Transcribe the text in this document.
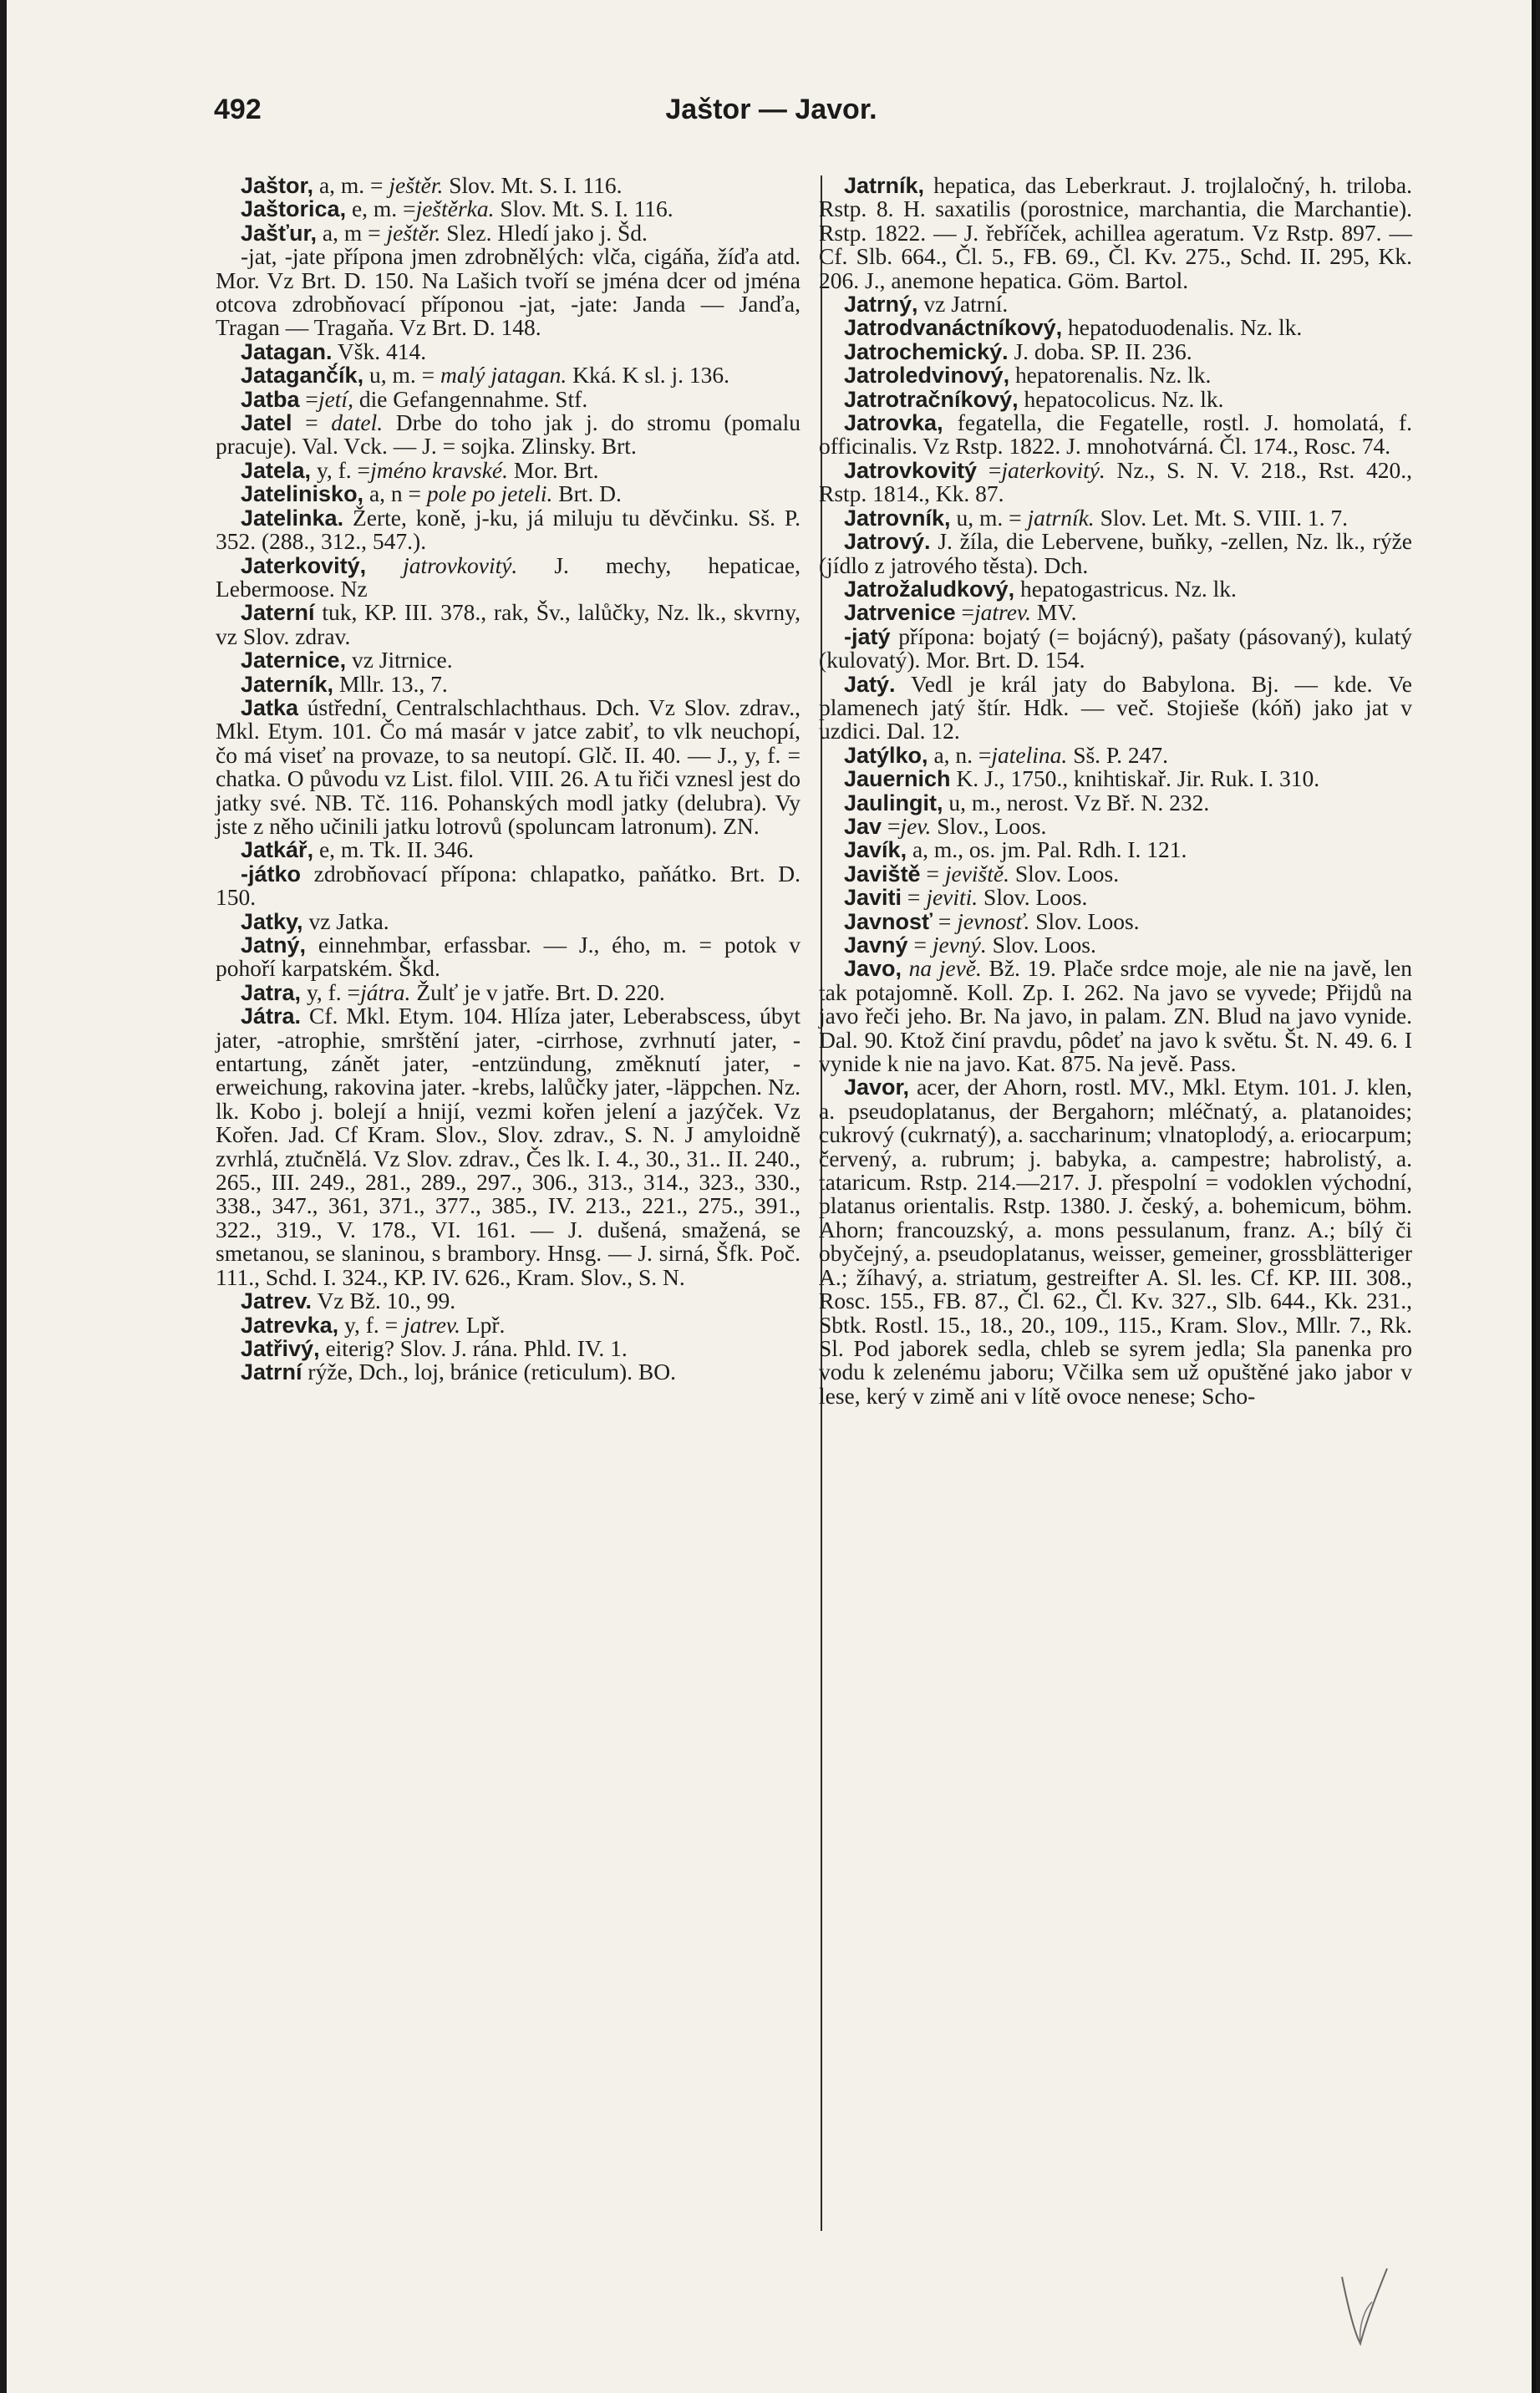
Jaštor — Javor.
492

Jaštor, a, m. = ještěr. Slov. Mt. S. I. 116.

Jaštorica, e, m. =ještěrka. Slov. Mt. S. I. 116.

Jašťur, a, m = ještěr. Slez. Hledí jako j. Šd.

-jat, -jate přípona jmen zdrobnělých: vlča, cigáňa, žíďa atd. Mor. Vz Brt. D. 150. Na Lašich tvoří se jména dcer od jména otcova zdrobňovací příponou -jat, -jate: Janda — Janďa, Tragan — Tragaňa. Vz Brt. D. 148.

Jatagan. Všk. 414.

Jataganč́ík, u, m. = malý jatagan. Kká. K sl. j. 136.

Jatba =jetí, die Gefangennahme. Stf.

Jatel = datel. Drbe do toho jak j. do stromu (pomalu pracuje). Val. Vck. — J. = sojka. Zlinsky. Brt.

Jatela, y, f. =jméno kravské. Mor. Brt.

Jatelinisko, a, n = pole po jeteli. Brt. D.

Jatelinka. Žerte, koně, j-ku, já miluju tu děvčinku. Sš. P. 352. (288., 312., 547.).

Jaterkovitý, jatrovkovitý. J. mechy, hepaticae, Lebermoose. Nz

Jaterní tuk, KP. III. 378., rak, Šv., lalůčky, Nz. lk., skvrny, vz Slov. zdrav.

Jaternice, vz Jitrnice.

Jaterník, Mllr. 13., 7.

Jatka ústřední, Centralschlachthaus. Dch. Vz Slov. zdrav., Mkl. Etym. 101. Čo má masár v jatce zabiť, to vlk neuchopí, čo má viseť na provaze, to sa neutopí. Glč. II. 40. — J., y, f. = chatka. O původu vz List. filol. VIII. 26. A tu řiči vznesl jest do jatky své. NB. Tč. 116. Pohanských modl jatky (delubra). Vy jste z něho učinili jatku lotrovů (spoluncam latronum). ZN.

Jatkář, e, m. Tk. II. 346.

-játko zdrobňovací přípona: chlapatko, paňátko. Brt. D. 150.

Jatky, vz Jatka.

Jatný, einnehmbar, erfassbar. — J., ého, m. = potok v pohoří karpatském. Škd.

Jatra, y, f. =játra. Žulť je v jatře. Brt. D. 220.

Játra. Cf. Mkl. Etym. 104. Hlíza jater, Leberabscess, úbyt jater, -atrophie, smrštění jater, -cirrhose, zvrhnutí jater, -entartung, zánět jater, -entzündung, změknutí jater, -erweichung, rakovina jater. -krebs, lalůčky jater, -läppchen. Nz. lk. Kobo j. bolejí a hnijí, vezmi kořen jelení a jazýček. Vz Kořen. Jad. Cf Kram. Slov., Slov. zdrav., S. N. J amyloidně zvrhlá, ztučnělá. Vz Slov. zdrav., Čes lk. I. 4., 30., 31.. II. 240., 265., III. 249., 281., 289., 297., 306., 313., 314., 323., 330., 338., 347., 361, 371., 377., 385., IV. 213., 221., 275., 391., 322., 319., V. 178., VI. 161. — J. dušená, smažená, se smetanou, se slaninou, s brambory. Hnsg. — J. sirná, Šfk. Poč. 111., Schd. I. 324., KP. IV. 626., Kram. Slov., S. N.

Jatrev. Vz Bž. 10., 99.

Jatrevka, y, f. = jatrev. Lpř.

Jatřivý, eiterig? Slov. J. rána. Phld. IV. 1.

Jatrní rýže, Dch., loj, bránice (reticulum). BO.

Jatrník, hepatica, das Leberkraut. J. trojlaločný, h. triloba. Rstp. 8. H. saxatilis (porostnice, marchantia, die Marchantie). Rstp. 1822. — J. řebříček, achillea ageratum. Vz Rstp. 897. — Cf. Slb. 664., Čl. 5., FB. 69., Čl. Kv. 275., Schd. II. 295, Kk. 206. J., anemone hepatica. Göm. Bartol.

Jatrný, vz Jatrní.

Jatrodvanáctníkový, hepatoduodenalis. Nz. lk.

Jatrochemický. J. doba. SP. II. 236.

Jatroledvinový, hepatorenalis. Nz. lk.

Jatrotračníkový, hepatocolicus. Nz. lk.

Jatrovka, fegatella, die Fegatelle, rostl. J. homolatá, f. officinalis. Vz Rstp. 1822. J. mnohotvárná. Čl. 174., Rosc. 74.

Jatrovkovitý =jaterkovitý. Nz., S. N. V. 218., Rst. 420., Rstp. 1814., Kk. 87.

Jatrovník, u, m. = jatrník. Slov. Let. Mt. S. VIII. 1. 7.

Jatrový. J. žíla, die Lebervene, buňky, -zellen, Nz. lk., rýže (jídlo z jatrového těsta). Dch.

Jatrožaludkový, hepatogastricus. Nz. lk.

Jatrvenice =jatrev. MV.

-jatý přípona: bojatý (= bojácný), pašaty (pásovaný), kulatý (kulovatý). Mor. Brt. D. 154.

Jatý. Vedl je král jaty do Babylona. Bj. — kde. Ve plamenech jatý štír. Hdk. — več. Stojieše (kóň) jako jat v uzdici. Dal. 12.

Jatýlko, a, n. =jatelina. Sš. P. 247.

Jauernich K. J., 1750., knihtiskař. Jir. Ruk. I. 310.

Jaulingit, u, m., nerost. Vz Bř. N. 232.

Jav =jev. Slov., Loos.

Javík, a, m., os. jm. Pal. Rdh. I. 121.

Javiště = jeviště. Slov. Loos.

Javiti = jeviti. Slov. Loos.

Javnosť = jevnosť. Slov. Loos.

Javný = jevný. Slov. Loos.

Javo, na jevě. Bž. 19. Plače srdce moje, ale nie na javě, len tak potajomně. Koll. Zp. I. 262. Na javo se vyvede; Přijdů na javo řeči jeho. Br. Na javo, in palam. ZN. Blud na javo vynide. Dal. 90. Ktož činí pravdu, pôdeť na javo k světu. Št. N. 49. 6. I vynide k nie na javo. Kat. 875. Na jevě. Pass.

Javor, acer, der Ahorn, rostl. MV., Mkl. Etym. 101. J. klen, a. pseudoplatanus, der Bergahorn; mléčnatý, a. platanoides; cukrový (cukrnatý), a. saccharinum; vlnatoplodý, a. eriocarpum; červený, a. rubrum; j. babyka, a. campestre; habrolistý, a. tataricum. Rstp. 214.—217. J. přespolní = vodoklen východní, platanus orientalis. Rstp. 1380. J. český, a. bohemicum, böhm. Ahorn; francouzský, a. mons pessulanum, franz. A.; bílý či obyčejný, a. pseudoplatanus, weisser, gemeiner, grossblätteriger A.; žíhavý, a. striatum, gestreifter A. Sl. les. Cf. KP. III. 308., Rosc. 155., FB. 87., Čl. 62., Čl. Kv. 327., Slb. 644., Kk. 231., Sbtk. Rostl. 15., 18., 20., 109., 115., Kram. Slov., Mllr. 7., Rk. Sl. Pod jaborek sedla, chleb se syrem jedla; Sla panenka pro vodu k zelenému jaboru; Včilka sem už opuštěné jako jabor v lese, kerý v zimě ani v lítě ovoce nenese; Scho-
